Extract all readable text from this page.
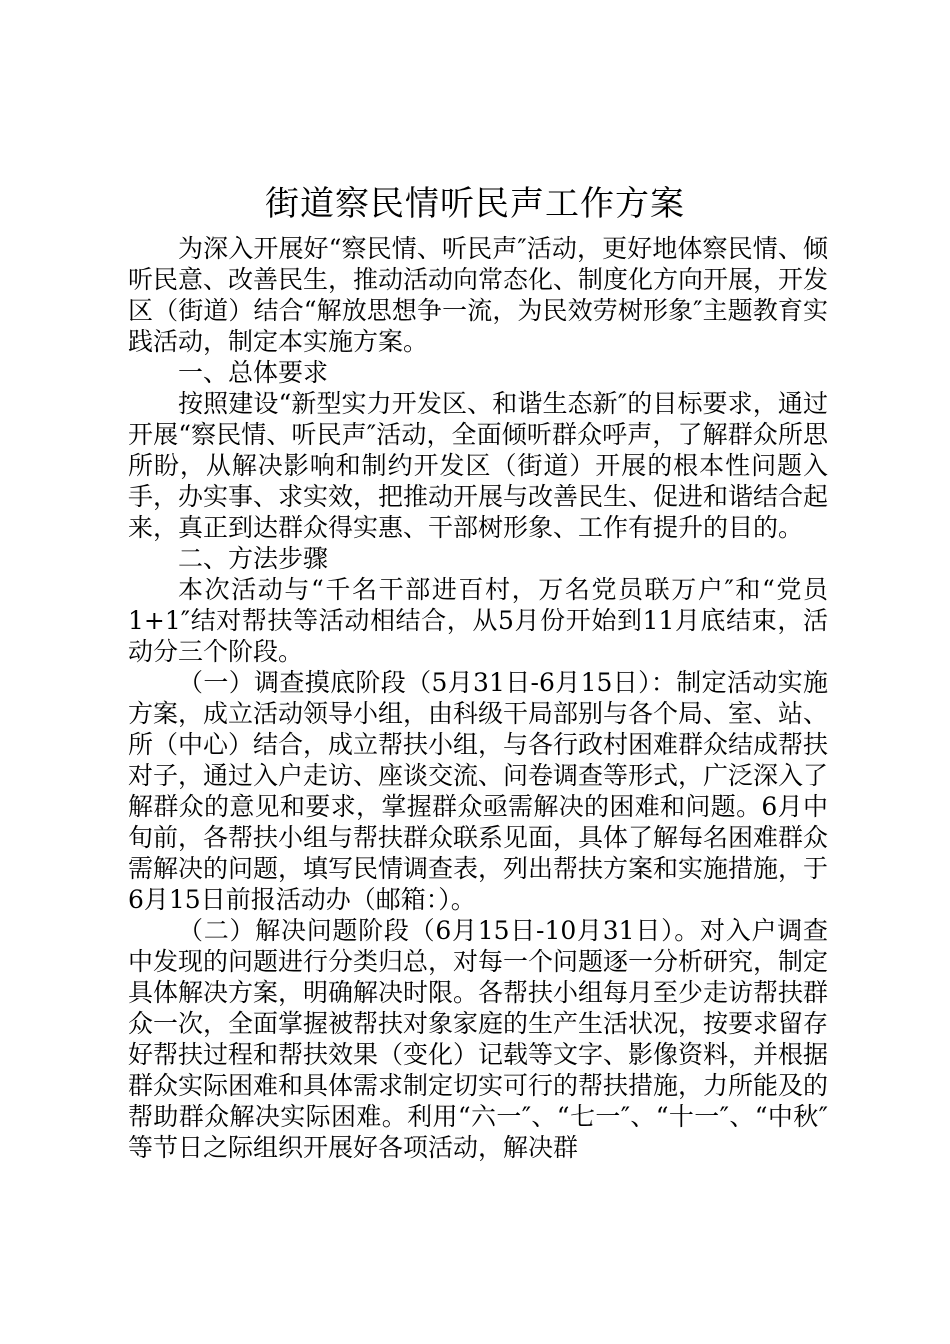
街道察民情听民声工作方案

为深入开展好“察民情、听民声″活动，更好地体察民情、倾听民意、改善民生，推动活动向常态化、制度化方向开展，开发区（街道）结合“解放思想争一流，为民效劳树形象″主题教育实践活动，制定本实施方案。

一、总体要求

按照建设“新型实力开发区、和谐生态新″的目标要求，通过开展“察民情、听民声″活动，全面倾听群众呼声，了解群众所思所盼，从解决影响和制约开发区（街道）开展的根本性问题入手，办实事、求实效，把推动开展与改善民生、促进和谐结合起来，真正到达群众得实惠、干部树形象、工作有提升的目的。

二、方法步骤

本次活动与“千名干部进百村，万名党员联万户″和“党员1+1″结对帮扶等活动相结合，从5月份开始到11月底结束，活动分三个阶段。

（一）调查摸底阶段（5月31日-6月15日）：制定活动实施方案，成立活动领导小组，由科级干局部别与各个局、室、站、所（中心）结合，成立帮扶小组，与各行政村困难群众结成帮扶对子，通过入户走访、座谈交流、问卷调查等形式，广泛深入了解群众的意见和要求，掌握群众亟需解决的困难和问题。6月中旬前，各帮扶小组与帮扶群众联系见面，具体了解每名困难群众需解决的问题，填写民情调查表，列出帮扶方案和实施措施，于6月15日前报活动办（邮箱：）。

（二）解决问题阶段（6月15日-10月31日）。对入户调查中发现的问题进行分类归总，对每一个问题逐一分析研究，制定具体解决方案，明确解决时限。各帮扶小组每月至少走访帮扶群众一次，全面掌握被帮扶对象家庭的生产生活状况，按要求留存好帮扶过程和帮扶效果（变化）记载等文字、影像资料，并根据群众实际困难和具体需求制定切实可行的帮扶措施，力所能及的帮助群众解决实际困难。利用“六一″、“七一″、“十一″、“中秋″等节日之际组织开展好各项活动，解决群
